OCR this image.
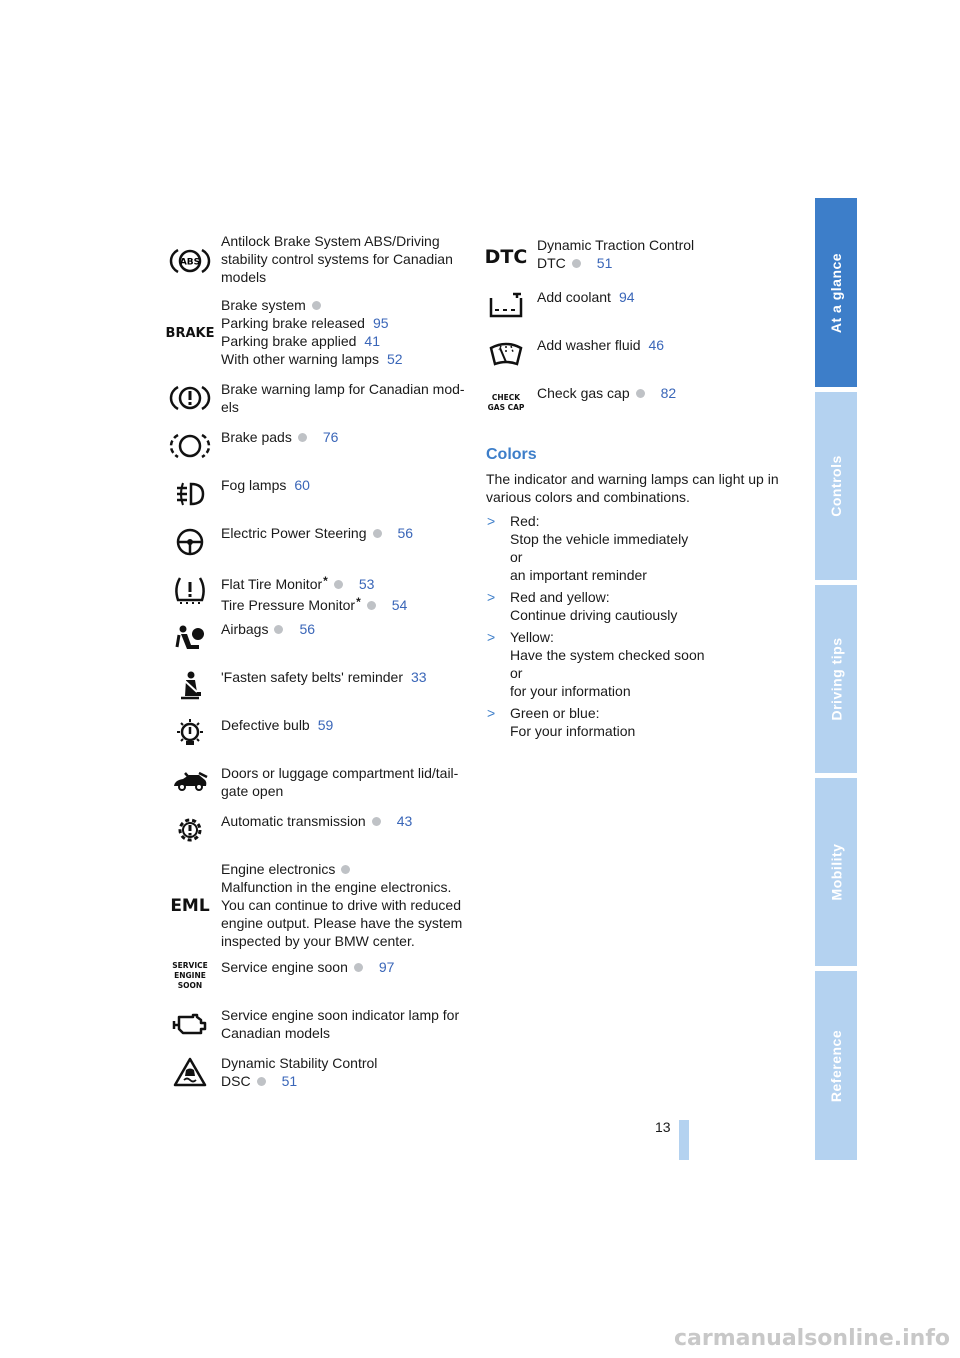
ABS
Antilock Brake System ABS/Driving stability control systems for Canadian models
BRAKE
Brake system
Parking brake released 95
Parking brake applied 41
With other warning lamps 52
Brake warning lamp for Canadian mod-els
Brake pads 76
Fog lamps 60
Electric Power Steering 56
Flat Tire Monitor* 53
Tire Pressure Monitor* 54
Airbags 56
'Fasten safety belts' reminder 33
Defective bulb 59
Doors or luggage compartment lid/tail-gate open
Automatic transmission 43
EML
Engine electronics
Malfunction in the engine electronics. You can continue to drive with reduced engine output. Please have the system inspected by your BMW center.
SERVICE
ENGINE
SOON
Service engine soon 97
Service engine soon indicator lamp for Canadian models
Dynamic Stability Control
DSC 51
DTC
Dynamic Traction Control
DTC 51
Add coolant 94
Add washer fluid 46
CHECK
GAS CAP
Check gas cap 82
Colors
The indicator and warning lamps can light up in various colors and combinations.
> Red:
Stop the vehicle immediately
or
an important reminder
> Red and yellow:
Continue driving cautiously
> Yellow:
Have the system checked soon
or
for your information
> Green or blue:
For your information
At a glance
Controls
Driving tips
Mobility
Reference
13
carmanualsonline.info
